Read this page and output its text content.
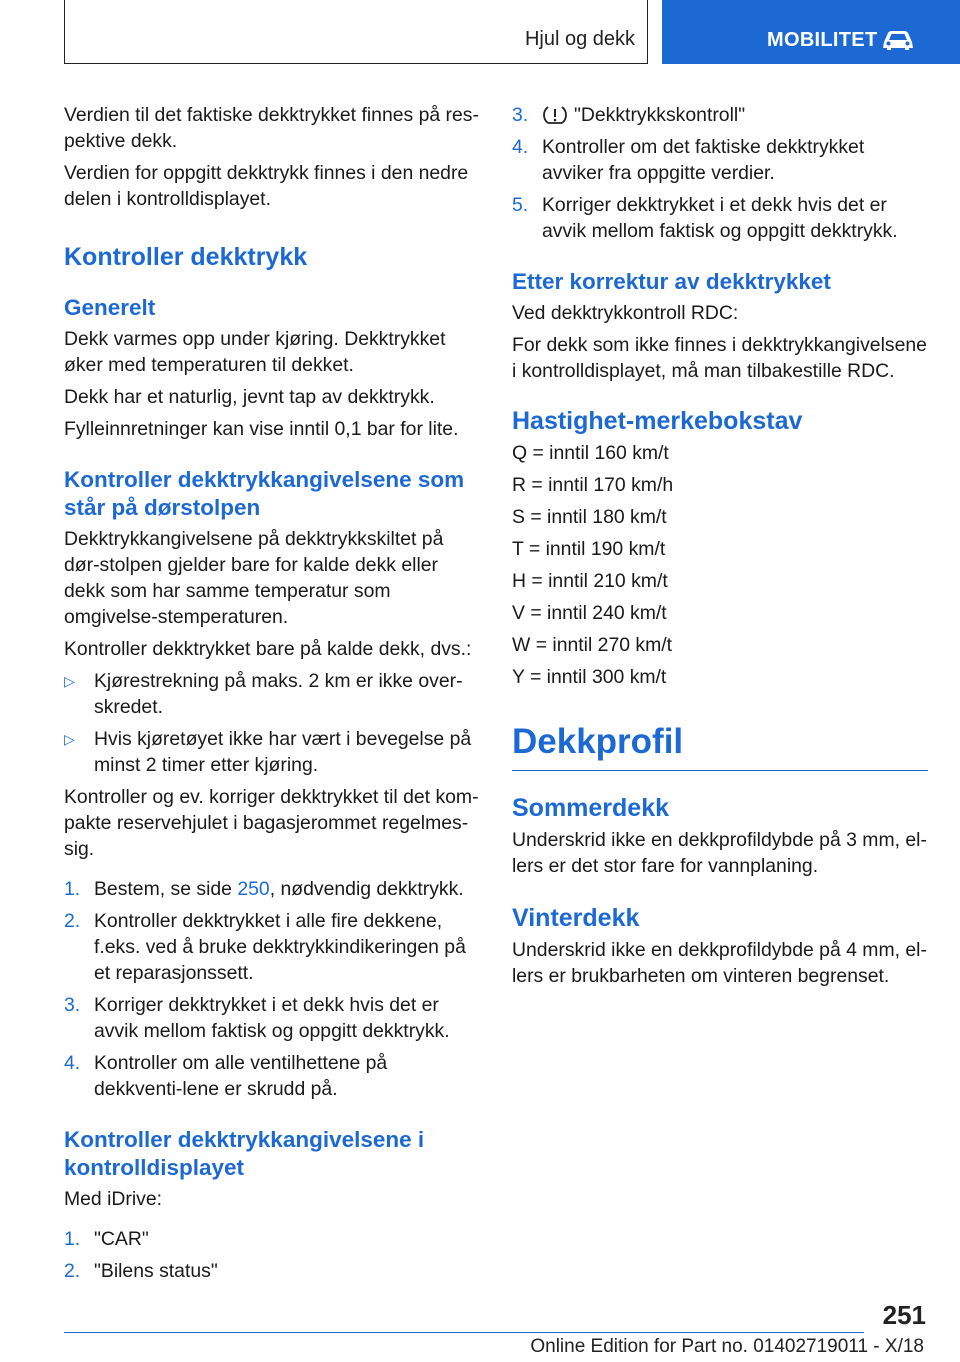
Hjul og dekk	MOBILITET

Verdien til det faktiske dekktrykket finnes på res-pektive dekk.

Verdien for oppgitt dekktrykk finnes i den nedre delen i kontrolldisplayet.

Kontroller dekktrykk
Generelt

Dekk varmes opp under kjøring. Dekktrykket øker med temperaturen til dekket.

Dekk har et naturlig, jevnt tap av dekktrykk.

Fylleinnretninger kan vise inntil 0,1 bar for lite.

Kontroller dekktrykkangivelsene som står på dørstolpen

Dekktrykkangivelsene på dekktrykkskiltet på dør-stolpen gjelder bare for kalde dekk eller dekk som har samme temperatur som omgivelse-stemperaturen.

Kontroller dekktrykket bare på kalde dekk, dvs.:

▷ Kjørestrekning på maks. 2 km er ikke over-skredet.
▷ Hvis kjøretøyet ikke har vært i bevegelse på minst 2 timer etter kjøring.

Kontroller og ev. korriger dekktrykket til det kom-pakte reservehjulet i bagasjerommet regelmes-sig.

1. Bestem, se side 250, nødvendig dekktrykk.
2. Kontroller dekktrykket i alle fire dekkene, f.eks. ved å bruke dekktrykkindikeringen på et reparasjonssett.
3. Korriger dekktrykket i et dekk hvis det er avvik mellom faktisk og oppgitt dekktrykk.
4. Kontroller om alle ventilhettene på dekkventi-lene er skrudd på.
Kontroller dekktrykkangivelsene i kontrolldisplayet

Med iDrive:

1. "CAR"
2. "Bilens status"
3.	"Dekktrykkskontroll"
4. Kontroller om det faktiske dekktrykket avviker fra oppgitte verdier.
5. Korriger dekktrykket i et dekk hvis det er avvik mellom faktisk og oppgitt dekktrykk.
Etter korrektur av dekktrykket

Ved dekktrykkontroll RDC:

For dekk som ikke finnes i dekktrykkangivelsene i kontrolldisplayet, må man tilbakestille RDC.

Hastighet-merkebokstav

Q = inntil 160 km/t

R = inntil 170 km/h

S = inntil 180 km/t

T = inntil 190 km/t

H = inntil 210 km/t

V = inntil 240 km/t

W = inntil 270 km/t

Y = inntil 300 km/t

Dekkprofil
Sommerdekk

Underskrid ikke en dekkprofildybde på 3 mm, el-lers er det stor fare for vannplaning.

Vinterdekk

Underskrid ikke en dekkprofildybde på 4 mm, el-lers er brukbarheten om vinteren begrenset.

251
Online Edition for Part no. 01402719011 - X/18
